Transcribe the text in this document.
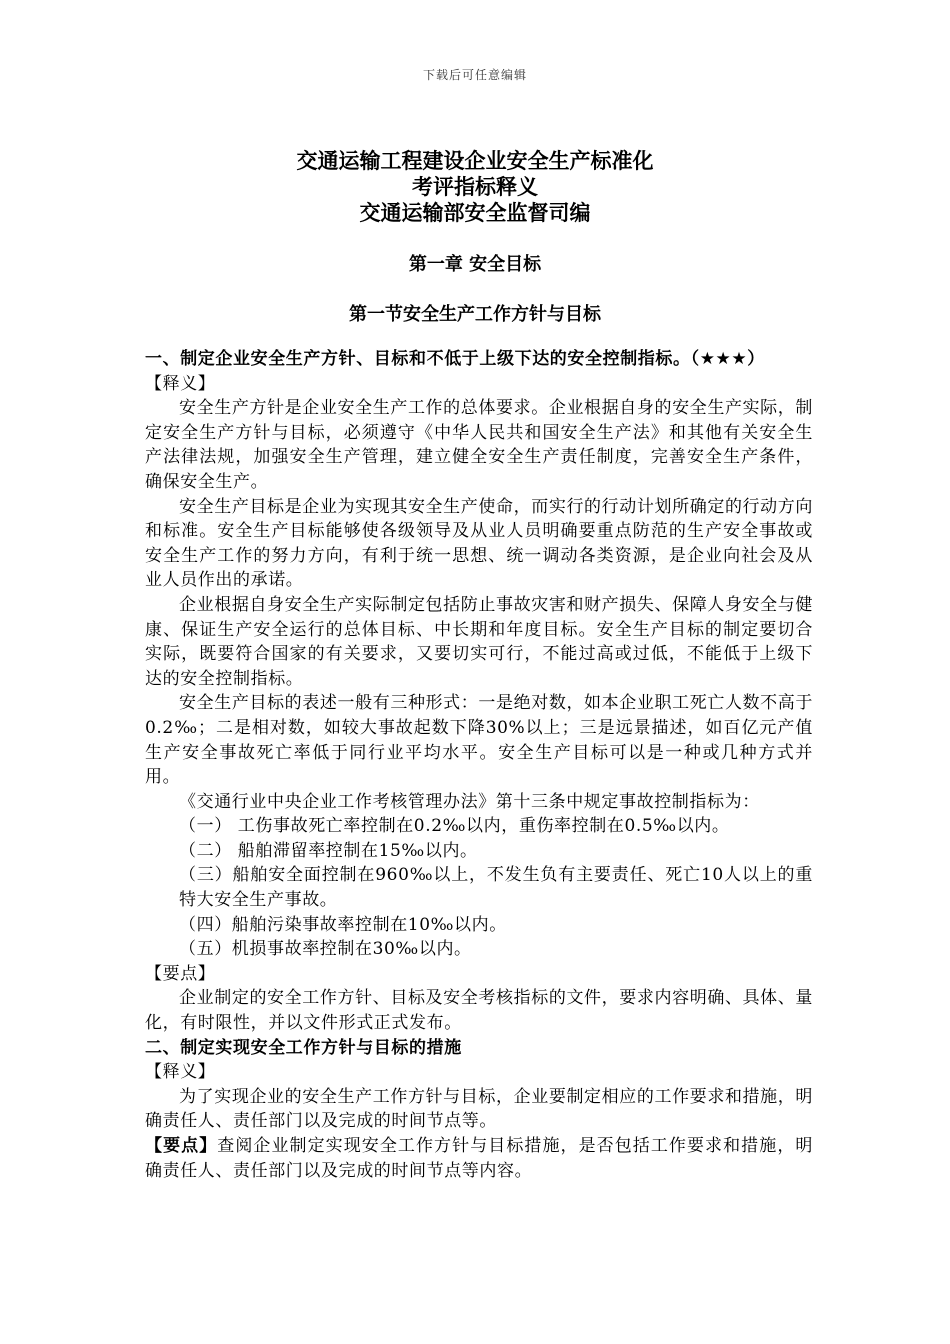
下载后可任意编辑
交通运输工程建设企业安全生产标准化
考评指标释义
交通运输部安全监督司编
第一章 安全目标
第一节安全生产工作方针与目标

一、制定企业安全生产方针、目标和不低于上级下达的安全控制指标。（★★★）

【释义】

安全生产方针是企业安全生产工作的总体要求。企业根据自身的安全生产实际，制定安全生产方针与目标，必须遵守《中华人民共和国安全生产法》和其他有关安全生产法律法规，加强安全生产管理，建立健全安全生产责任制度，完善安全生产条件，确保安全生产。

安全生产目标是企业为实现其安全生产使命，而实行的行动计划所确定的行动方向和标准。安全生产目标能够使各级领导及从业人员明确要重点防范的生产安全事故或安全生产工作的努力方向，有利于统一思想、统一调动各类资源，是企业向社会及从业人员作出的承诺。

企业根据自身安全生产实际制定包括防止事故灾害和财产损失、保障人身安全与健康、保证生产安全运行的总体目标、中长期和年度目标。安全生产目标的制定要切合实际，既要符合国家的有关要求，又要切实可行，不能过高或过低，不能低于上级下达的安全控制指标。

安全生产目标的表述一般有三种形式：一是绝对数，如本企业职工死亡人数不高于0.2‰；二是相对数，如较大事故起数下降30%以上；三是远景描述，如百亿元产值生产安全事故死亡率低于同行业平均水平。安全生产目标可以是一种或几种方式并用。

《交通行业中央企业工作考核管理办法》第十三条中规定事故控制指标为：

（一） 工伤事故死亡率控制在0.2‰以内，重伤率控制在0.5‰以内。

（二） 船舶滞留率控制在15‰以内。

（三）船舶安全面控制在960‰以上，不发生负有主要责任、死亡10人以上的重特大安全生产事故。

（四）船舶污染事故率控制在10‰以内。

（五）机损事故率控制在30‰以内。

【要点】

企业制定的安全工作方针、目标及安全考核指标的文件，要求内容明确、具体、量化，有时限性，并以文件形式正式发布。

二、制定实现安全工作方针与目标的措施

【释义】

为了实现企业的安全生产工作方针与目标，企业要制定相应的工作要求和措施，明确责任人、责任部门以及完成的时间节点等。

【要点】查阅企业制定实现安全工作方针与目标措施，是否包括工作要求和措施，明确责任人、责任部门以及完成的时间节点等内容。
